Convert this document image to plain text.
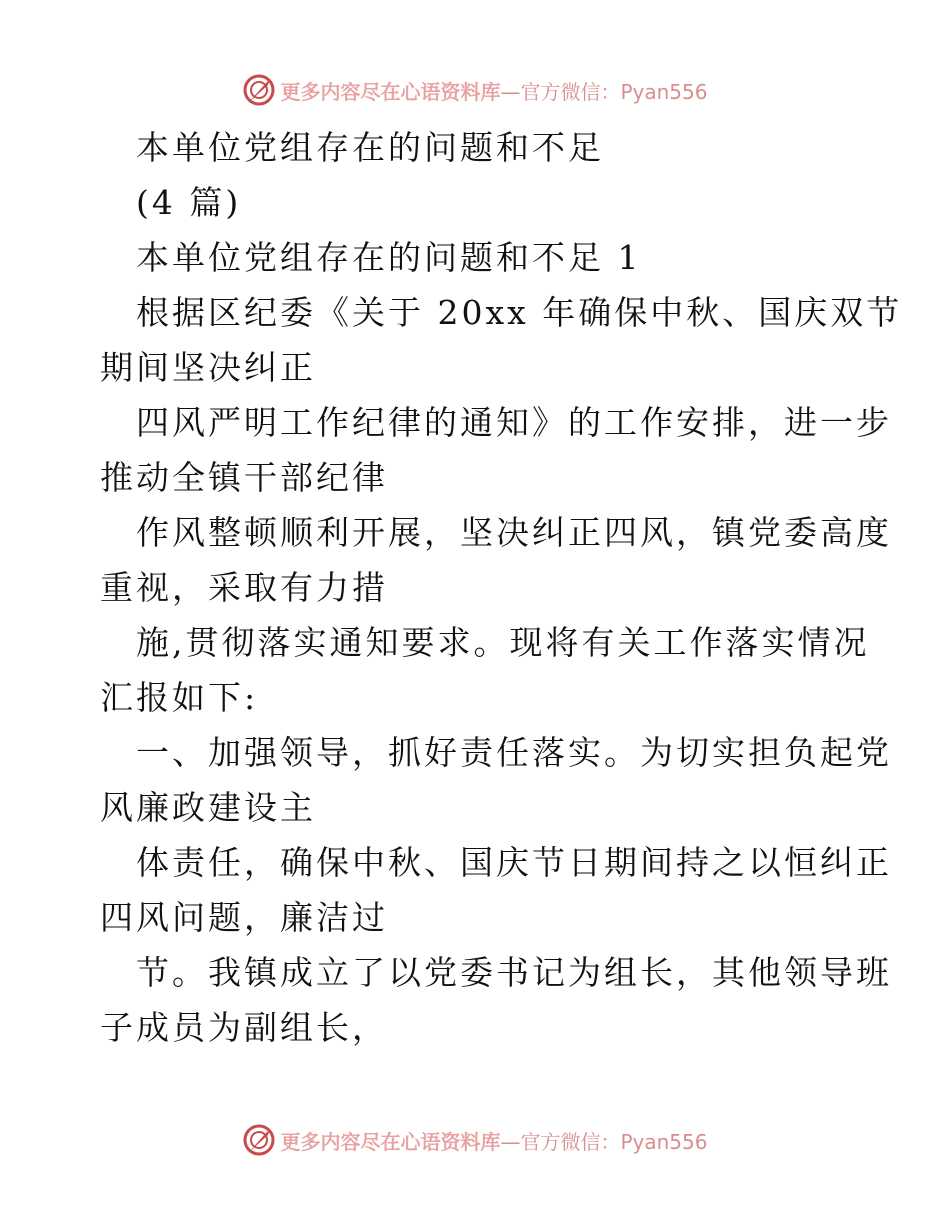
更多内容尽在心语资料库 —官方微信：Pyan556
本单位党组存在的问题和不足
(4 篇)
本单位党组存在的问题和不足 1
根据区纪委《关于 20xx 年确保中秋、国庆双节
期间坚决纠正
四风严明工作纪律的通知》的工作安排，进一步
推动全镇干部纪律
作风整顿顺利开展，坚决纠正四风，镇党委高度
重视，采取有力措
施,贯彻落实通知要求。现将有关工作落实情况
汇报如下:
一、加强领导，抓好责任落实。为切实担负起党
风廉政建设主
体责任，确保中秋、国庆节日期间持之以恒纠正
四风问题，廉洁过
节。我镇成立了以党委书记为组长，其他领导班
子成员为副组长，
更多内容尽在心语资料库 —官方微信：Pyan556
